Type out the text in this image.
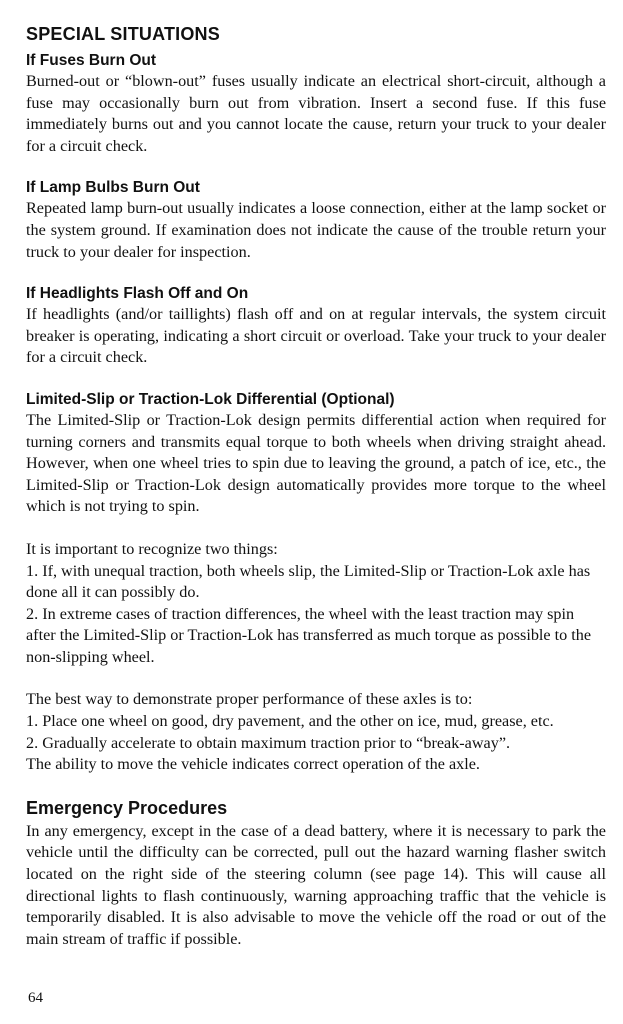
SPECIAL SITUATIONS
If Fuses Burn Out

Burned-out or “blown-out” fuses usually indicate an electrical short-circuit, although a fuse may occasionally burn out from vibration. Insert a second fuse. If this fuse immediately burns out and you cannot locate the cause, return your truck to your dealer for a circuit check.

If Lamp Bulbs Burn Out

Repeated lamp burn-out usually indicates a loose connection, either at the lamp socket or the system ground. If examination does not indicate the cause of the trouble return your truck to your dealer for inspection.

If Headlights Flash Off and On

If headlights (and/or taillights) flash off and on at regular intervals, the system circuit breaker is operating, indicating a short circuit or overload. Take your truck to your dealer for a circuit check.

Limited-Slip or Traction-Lok Differential (Optional)

The Limited-Slip or Traction-Lok design permits differential action when required for turning corners and transmits equal torque to both wheels when driving straight ahead. However, when one wheel tries to spin due to leaving the ground, a patch of ice, etc., the Limited-Slip or Traction-Lok design automatically provides more torque to the wheel which is not trying to spin.

It is important to recognize two things:

1. If, with unequal traction, both wheels slip, the Limited-Slip or Traction-Lok axle has done all it can possibly do.

2. In extreme cases of traction differences, the wheel with the least traction may spin after the Limited-Slip or Traction-Lok has transferred as much torque as possible to the non-slipping wheel.

The best way to demonstrate proper performance of these axles is to:

1. Place one wheel on good, dry pavement, and the other on ice, mud, grease, etc.

2. Gradually accelerate to obtain maximum traction prior to “break-away”.

The ability to move the vehicle indicates correct operation of the axle.

Emergency Procedures

In any emergency, except in the case of a dead battery, where it is necessary to park the vehicle until the difficulty can be corrected, pull out the hazard warning flasher switch located on the right side of the steering column (see page 14). This will cause all directional lights to flash continuously, warning approaching traffic that the vehicle is temporarily disabled. It is also advisable to move the vehicle off the road or out of the main stream of traffic if possible.

64
